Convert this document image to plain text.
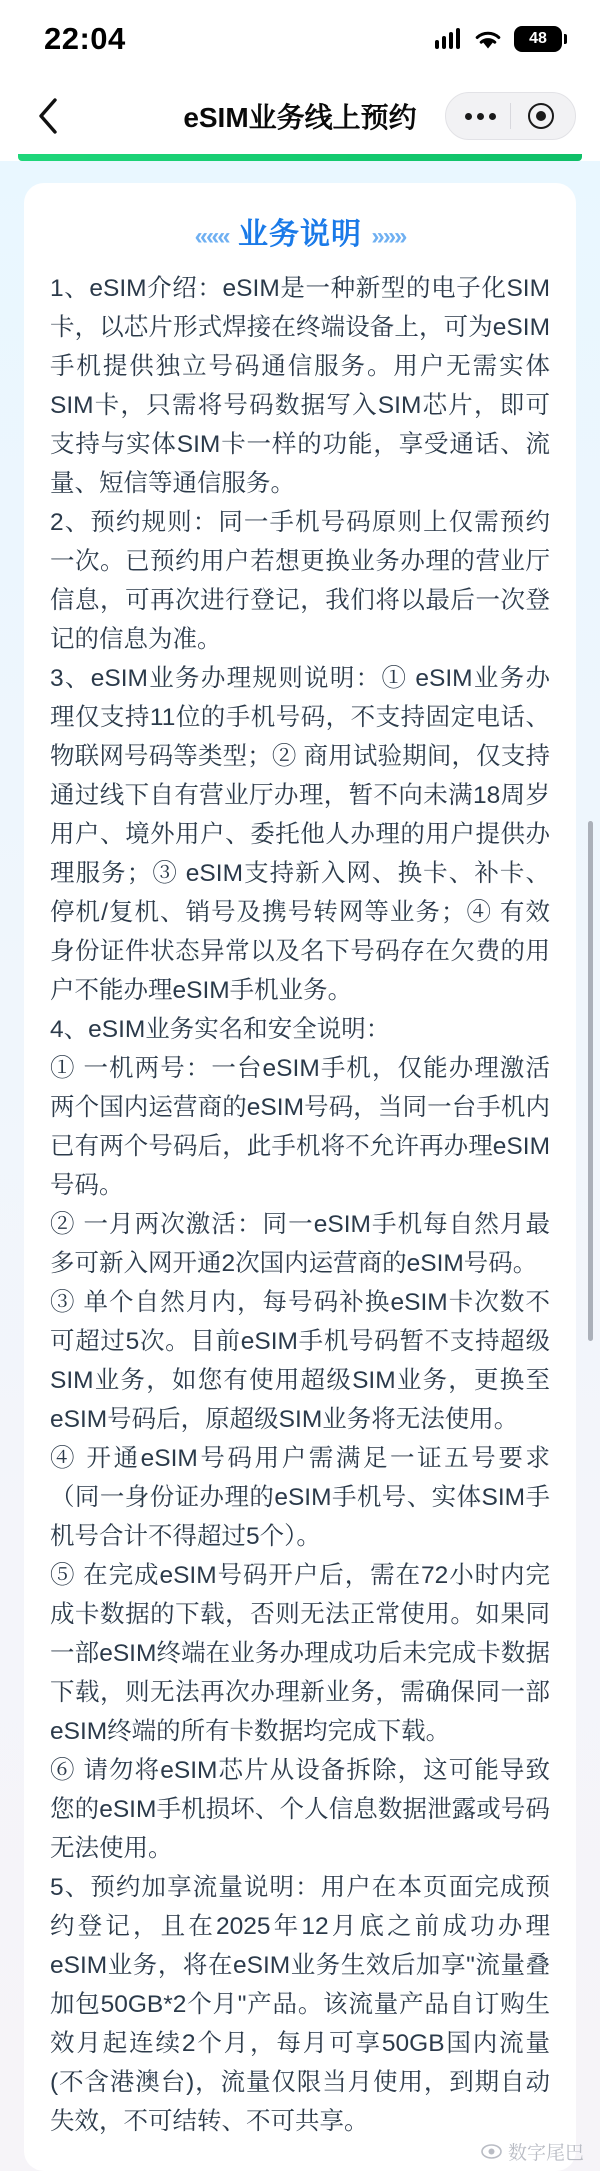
22:04	48
eSIM业务线上预约
««« 业务说明 »»»

1、eSIM介绍：eSIM是一种新型的电子化SIM卡，以芯片形式焊接在终端设备上，可为eSIM手机提供独立号码通信服务。用户无需实体SIM卡，只需将号码数据写入SIM芯片，即可支持与实体SIM卡一样的功能，享受通话、流量、短信等通信服务。

2、预约规则：同一手机号码原则上仅需预约一次。已预约用户若想更换业务办理的营业厅信息，可再次进行登记，我们将以最后一次登记的信息为准。

3、eSIM业务办理规则说明：① eSIM业务办理仅支持11位的手机号码，不支持固定电话、物联网号码等类型；② 商用试验期间，仅支持通过线下自有营业厅办理，暂不向未满18周岁用户、境外用户、委托他人办理的用户提供办理服务；③ eSIM支持新入网、换卡、补卡、停机/复机、销号及携号转网等业务；④ 有效身份证件状态异常以及名下号码存在欠费的用户不能办理eSIM手机业务。

4、eSIM业务实名和安全说明：

① 一机两号：一台eSIM手机，仅能办理激活两个国内运营商的eSIM号码，当同一台手机内已有两个号码后，此手机将不允许再办理eSIM号码。

② 一月两次激活：同一eSIM手机每自然月最多可新入网开通2次国内运营商的eSIM号码。

③ 单个自然月内，每号码补换eSIM卡次数不可超过5次。目前eSIM手机号码暂不支持超级SIM业务，如您有使用超级SIM业务，更换至eSIM号码后，原超级SIM业务将无法使用。

④ 开通eSIM号码用户需满足一证五号要求（同一身份证办理的eSIM手机号、实体SIM手机号合计不得超过5个）。

⑤ 在完成eSIM号码开户后，需在72小时内完成卡数据的下载，否则无法正常使用。如果同一部eSIM终端在业务办理成功后未完成卡数据下载，则无法再次办理新业务，需确保同一部eSIM终端的所有卡数据均完成下载。

⑥ 请勿将eSIM芯片从设备拆除，这可能导致您的eSIM手机损坏、个人信息数据泄露或号码无法使用。

5、预约加享流量说明：用户在本页面完成预约登记，且在2025年12月底之前成功办理eSIM业务，将在eSIM业务生效后加享"流量叠加包50GB*2个月"产品。该流量产品自订购生效月起连续2个月，每月可享50GB国内流量(不含港澳台)，流量仅限当月使用，到期自动失效，不可结转、不可共享。

数字尾巴
